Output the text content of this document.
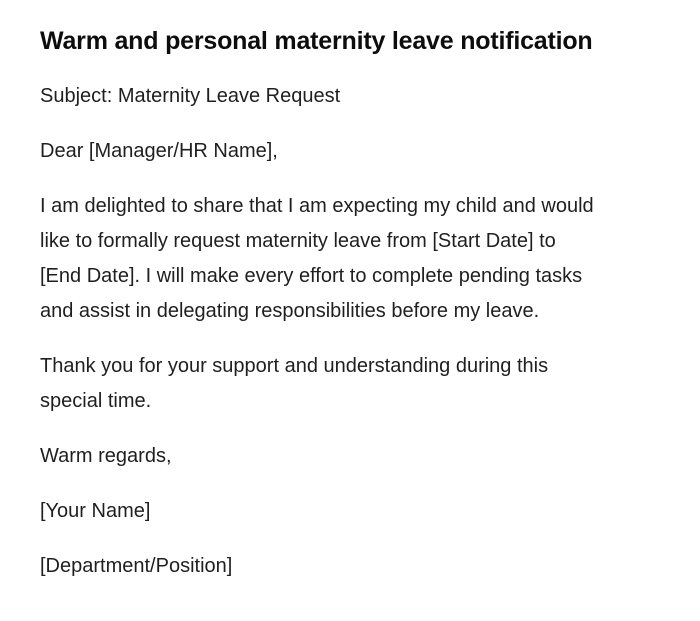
Warm and personal maternity leave notification

Subject: Maternity Leave Request

Dear [Manager/HR Name],

I am delighted to share that I am expecting my child and would like to formally request maternity leave from [Start Date] to [End Date]. I will make every effort to complete pending tasks and assist in delegating responsibilities before my leave.

Thank you for your support and understanding during this special time.

Warm regards,

[Your Name]

[Department/Position]
